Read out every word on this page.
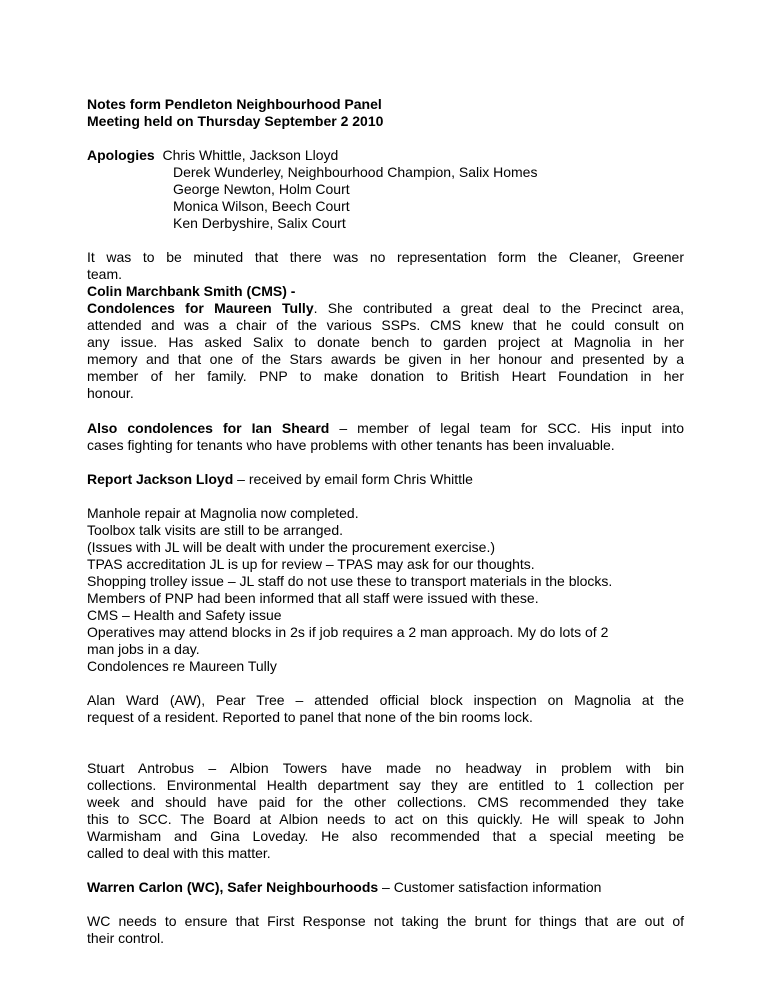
Notes form Pendleton Neighbourhood Panel
Meeting held on Thursday September 2 2010
Apologies Chris Whittle, Jackson Lloyd
Derek Wunderley, Neighbourhood Champion, Salix Homes
George Newton, Holm Court
Monica Wilson, Beech Court
Ken Derbyshire, Salix Court
It was to be minuted that there was no representation form the Cleaner, Greener
team.
Colin Marchbank Smith (CMS) -
Condolences for Maureen Tully. She contributed a great deal to the Precinct area,
attended and was a chair of the various SSPs. CMS knew that he could consult on
any issue. Has asked Salix to donate bench to garden project at Magnolia in her
memory and that one of the Stars awards be given in her honour and presented by a
member of her family. PNP to make donation to British Heart Foundation in her
honour.
Also condolences for Ian Sheard – member of legal team for SCC. His input into
cases fighting for tenants who have problems with other tenants has been invaluable.
Report Jackson Lloyd – received by email form Chris Whittle
Manhole repair at Magnolia now completed.
Toolbox talk visits are still to be arranged.
(Issues with JL will be dealt with under the procurement exercise.)
TPAS accreditation JL is up for review – TPAS may ask for our thoughts.
Shopping trolley issue – JL staff do not use these to transport materials in the blocks.
Members of PNP had been informed that all staff were issued with these.
CMS – Health and Safety issue
Operatives may attend blocks in 2s if job requires a 2 man approach. My do lots of 2
man jobs in a day.
Condolences re Maureen Tully
Alan Ward (AW), Pear Tree – attended official block inspection on Magnolia at the
request of a resident. Reported to panel that none of the bin rooms lock.
Stuart Antrobus – Albion Towers have made no headway in problem with bin
collections. Environmental Health department say they are entitled to 1 collection per
week and should have paid for the other collections. CMS recommended they take
this to SCC. The Board at Albion needs to act on this quickly. He will speak to John
Warmisham and Gina Loveday. He also recommended that a special meeting be
called to deal with this matter.
Warren Carlon (WC), Safer Neighbourhoods – Customer satisfaction information
WC needs to ensure that First Response not taking the brunt for things that are out of
their control.
